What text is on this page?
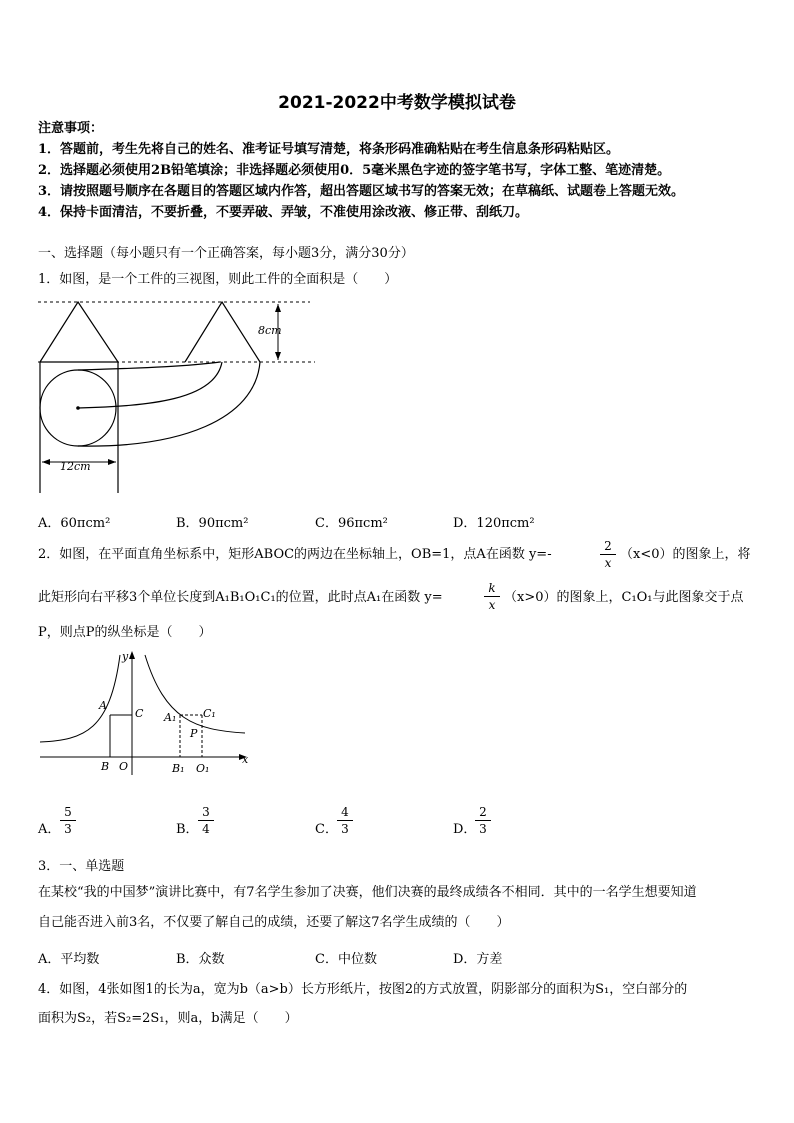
2021-2022中考数学模拟试卷
注意事项：
1．答题前，考生先将自己的姓名、准考证号填写清楚，将条形码准确粘贴在考生信息条形码粘贴区。
2．选择题必须使用2B铅笔填涂；非选择题必须使用0．5毫米黑色字迹的签字笔书写，字体工整、笔迹清楚。
3．请按照题号顺序在各题目的答题区域内作答，超出答题区域书写的答案无效；在草稿纸、试题卷上答题无效。
4．保持卡面清洁，不要折叠，不要弄破、弄皱，不准使用涂改液、修正带、刮纸刀。
一、选择题（每小题只有一个正确答案，每小题3分，满分30分）
1．如图，是一个工件的三视图，则此工件的全面积是（　　）
8cm
12cm
A．60πcm²	B．90πcm²	C．96πcm²	D．120πcm²
2．如图，在平面直角坐标系中，矩形ABOC的两边在坐标轴上，OB=1，点A在函数 y=-	$\frac{2}{x} (x<0)$的图象上，将
此矩形向右平移3个单位长度到A₁B₁O₁C₁的位置，此时点A₁在函数 y=	$\frac{k}{x} (x>0)$的图象上，C₁O₁与此图象交于点
P，则点P的纵坐标是（　　）
y
x
A
C
B O
A₁ C₁
P
B₁ O₁
A． $\frac{5}{3}$	B． $\frac{3}{4}$	C． $\frac{4}{3}$	D．
$\frac{2}{3}$
3．一、单选题
在某校“我的中国梦”演讲比赛中，有7名学生参加了决赛，他们决赛的最终成绩各不相同．其中的一名学生想要知道
自己能否进入前3名，不仅要了解自己的成绩，还要了解这7名学生成绩的（　　）
A．平均数	B．众数	C．中位数	D．方差
4．如图，4张如图1的长为a，宽为b（a>b）长方形纸片，按图2的方式放置，阴影部分的面积为S₁，空白部分的
面积为S₂，若S₂=2S₁，则a，b满足（　　）
